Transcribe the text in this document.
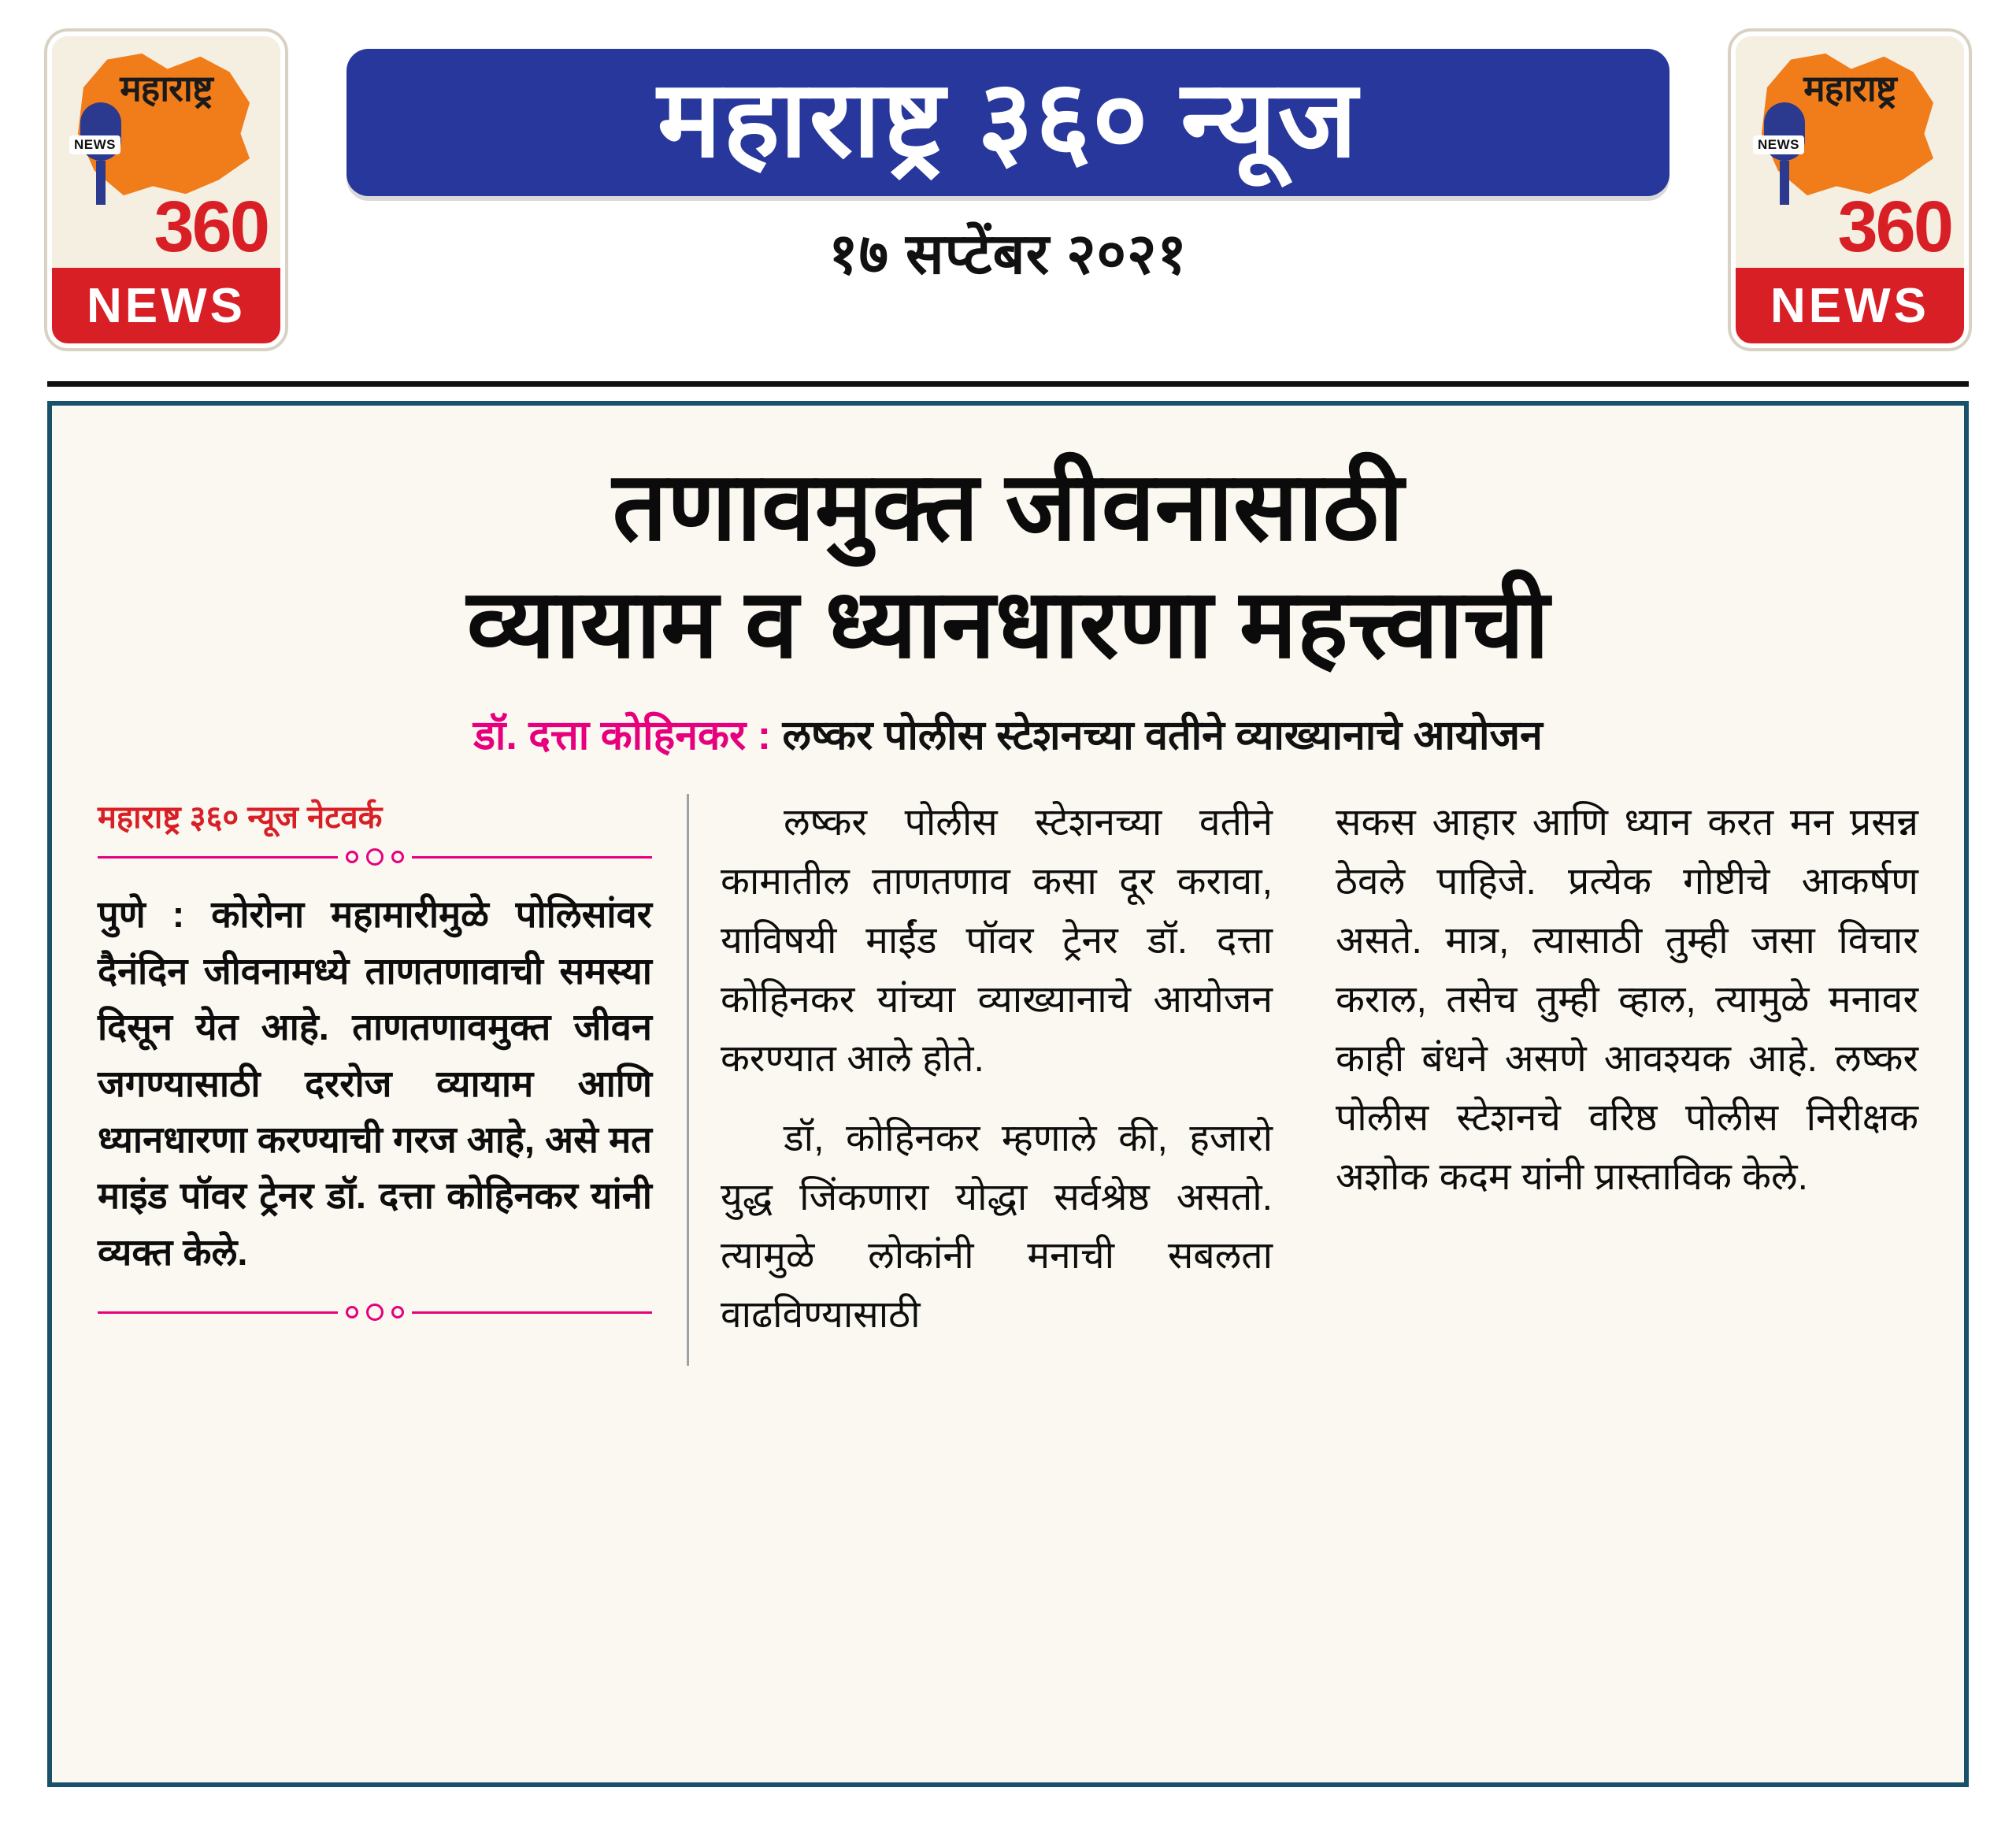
महाराष्ट्र
NEWS
360
NEWS
महाराष्ट्र ३६० न्यूज
१७ सप्टेंबर २०२१
महाराष्ट्र
NEWS
360
NEWS
तणावमुक्त जीवनासाठी
व्यायाम व ध्यानधारणा महत्त्वाची
डॉ. दत्ता कोहिनकर : लष्कर पोलीस स्टेशनच्या वतीने व्याख्यानाचे आयोजन
महाराष्ट्र ३६० न्यूज नेटवर्क

पुणे : कोरोना महामारीमुळे पोलिसांवर दैनंदिन जीवनामध्ये ताणतणावाची समस्या दिसून येत आहे. ताणतणावमुक्त जीवन जगण्यासाठी दररोज व्यायाम आणि ध्यानधारणा करण्याची गरज आहे, असे मत माइंड पॉवर ट्रेनर डॉ. दत्ता कोहिनकर यांनी व्यक्त केले.

लष्कर पोलीस स्टेशनच्या वतीने कामातील ताणतणाव कसा दूर करावा, याविषयी माईंड पॉवर ट्रेनर डॉ. दत्ता कोहिनकर यांच्या व्याख्यानाचे आयोजन करण्यात आले होते.

डॉ, कोहिनकर म्हणाले की, हजारो युद्ध जिंकणारा योद्धा सर्वश्रेष्ठ असतो. त्यामुळे लोकांनी मनाची सबलता वाढविण्यासाठी

सकस आहार आणि ध्यान करत मन प्रसन्न ठेवले पाहिजे. प्रत्येक गोष्टीचे आकर्षण असते. मात्र, त्यासाठी तुम्ही जसा विचार कराल, तसेच तुम्ही व्हाल, त्यामुळे मनावर काही बंधने असणे आवश्यक आहे. लष्कर पोलीस स्टेशनचे वरिष्ठ पोलीस निरीक्षक अशोक कदम यांनी प्रास्ताविक केले.
